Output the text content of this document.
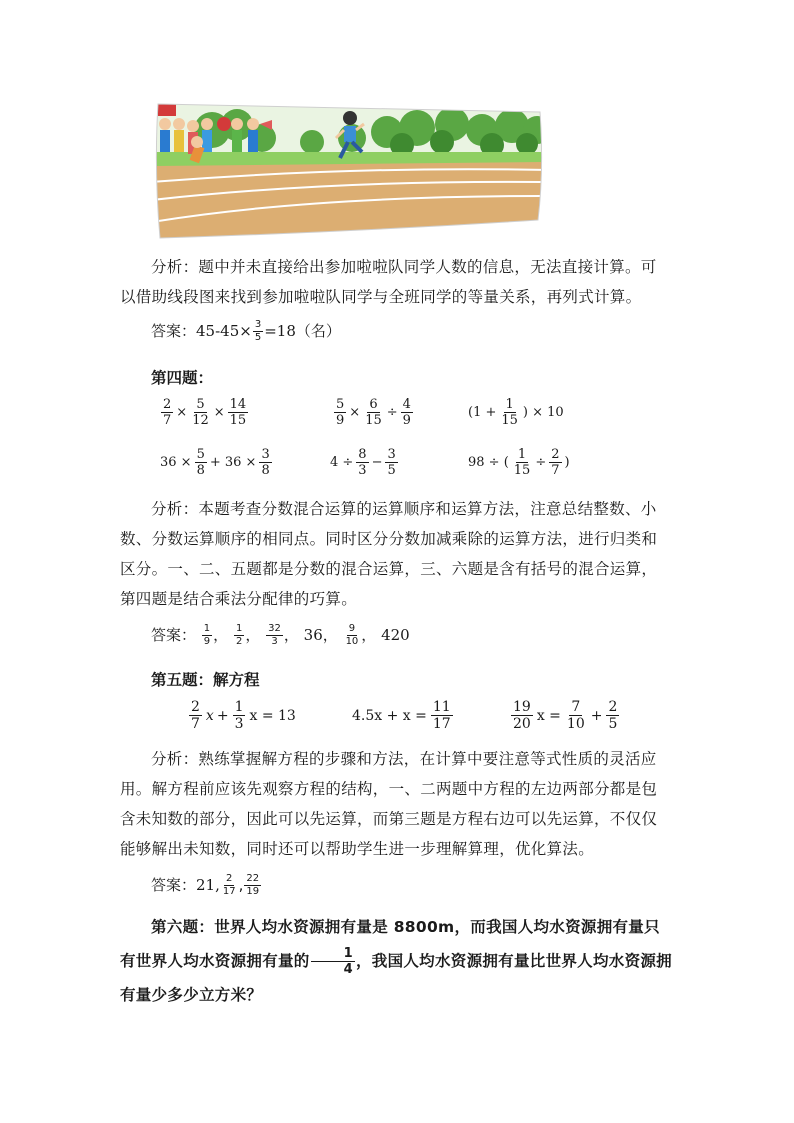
分析：题中并未直接给出参加啦啦队同学人数的信息，无法直接计算。可以借助线段图来找到参加啦啦队同学与全班同学的等量关系，再列式计算。
答案：$45-45\times \frac{3}{5} =18$（名）
第四题：
$\frac{2}{7} \times \frac{5}{12} \times \frac{14}{15}$	$\frac{5}{9} \times \frac{6}{15} \div \frac{4}{9}$	($1 + \frac{1}{15}$ ) × 10
$36 \times \frac{5}{8} + 36 \times \frac{3}{8}$	$4 \div \frac{8}{3} - \frac{3}{5}$	98 ÷ ( $\frac{1}{15} \div \frac{2}{7}$ )
分析：本题考查分数混合运算的运算顺序和运算方法，注意总结整数、小数、分数运算顺序的相同点。同时区分分数加减乘除的运算方法，进行归类和区分。一、二、五题都是分数的混合运算，三、六题是含有括号的混合运算，第四题是结合乘法分配律的巧算。
答案： $\frac{1}{9}$ ， $\frac{1}{2}$ ， $\frac{32}{3}$ ， 36， $\frac{9}{10}$ ， 420
第五题：解方程
$\frac{2}{7}$ $x + \frac{1}{3}$ x = 13	$4.5x + x = \frac{11}{17}$	$\frac{19}{20}$ $x = \frac{7}{10} + \frac{2}{5}$
分析：熟练掌握解方程的步骤和方法，在计算中要注意等式性质的灵活应用。解方程前应该先观察方程的结构，一、二两题中方程的左边两部分都是包含未知数的部分，因此可以先运算，而第三题是方程右边可以先运算，不仅仅能够解出未知数，同时还可以帮助学生进一步理解算理，优化算法。
答案：21, $\frac{2}{17}$ , $\frac{22}{19}$
第六题：世界人均水资源拥有量是 8800m，而我国人均水资源拥有量只有世界人均水资源拥有量的 $\frac{1}{4}$ ，我国人均水资源拥有量比世界人均水资源拥有量少多少立方米？
